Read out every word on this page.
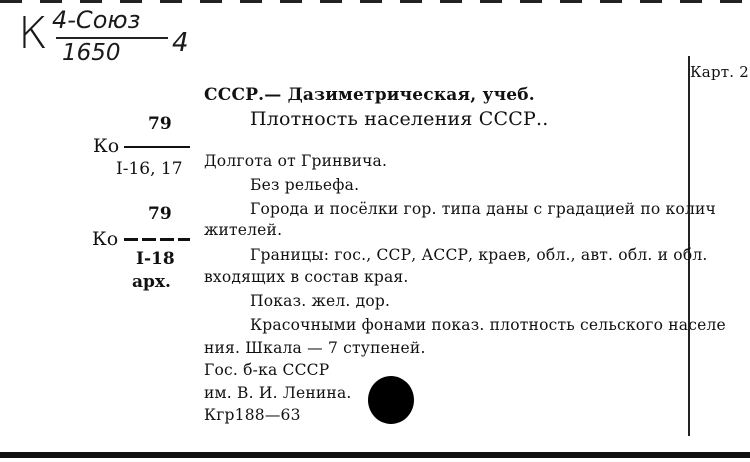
К 4-Союз
1650 4
Карт. 2
79
Ко
I-16, 17
79
Ко
I-18
арх.
СССР.— Дазиметрическая, учеб.
Плотность населения СССР..
Долгота от Гринвича.
Без рельефа.
Города и посёлки гор. типа даны с градацией по колич
жителей.
Границы: гос., ССР, АССР, краев, обл., авт. обл. и обл.
входящих в состав края.
Показ. жел. дор.
Красочными фонами показ. плотность сельского населе
ния. Шкала — 7 ступеней.
Гос. б-ка СССР
им. В. И. Ленина.
Кгр188—63
